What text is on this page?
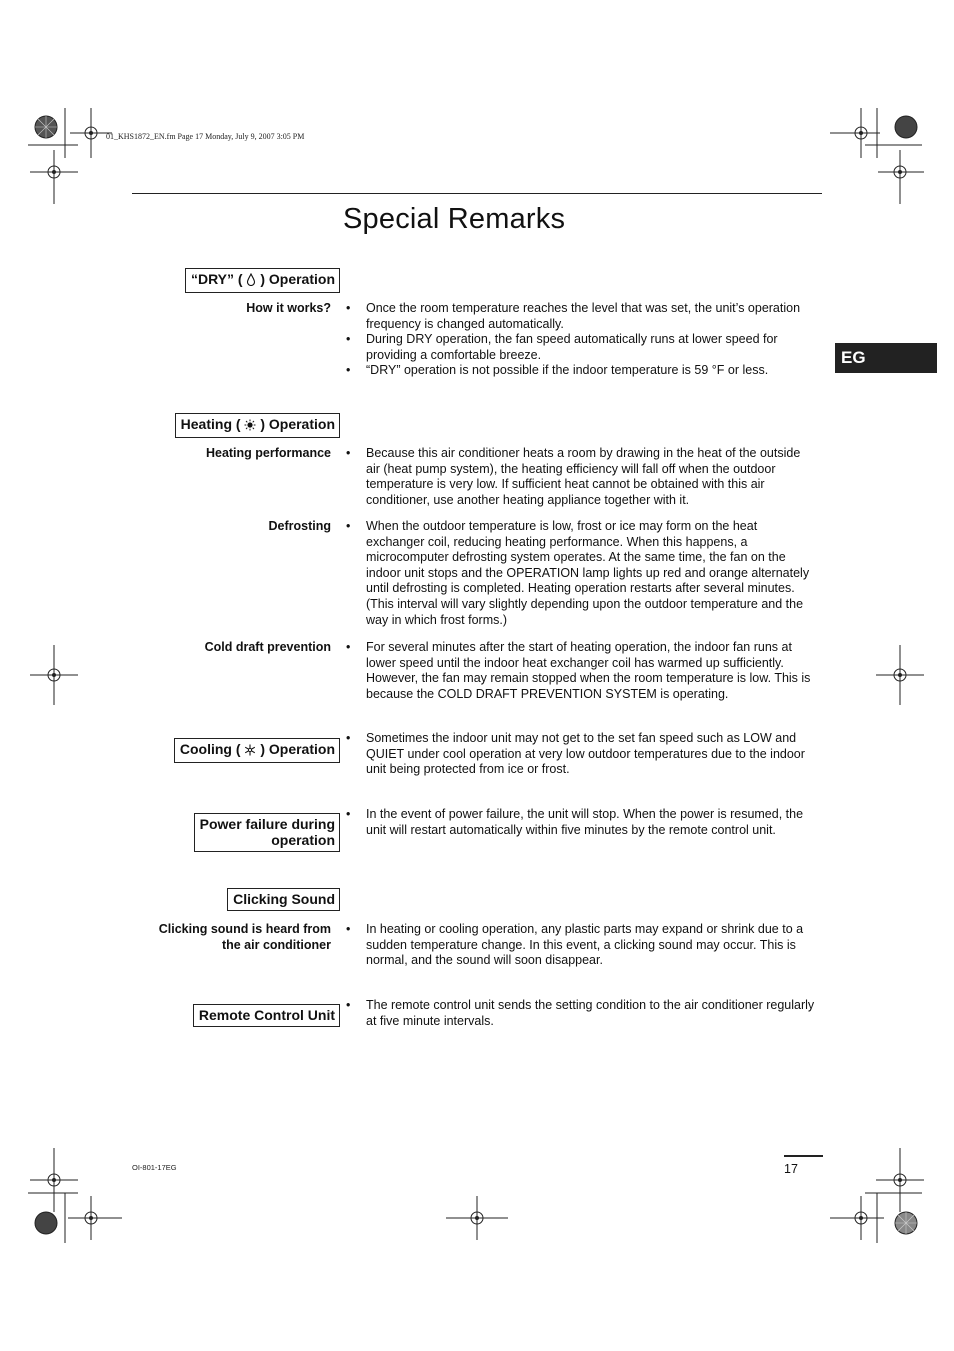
01_KHS1872_EN.fm Page 17 Monday, July 9, 2007 3:05 PM
Special Remarks
EG
“DRY” ( ) Operation
How it works?	• Once the room temperature reaches the level that was set, the unit’s operation frequency is changed automatically.
• During DRY operation, the fan speed automatically runs at lower speed for providing a comfortable breeze.
• “DRY” operation is not possible if the indoor temperature is 59 °F or less.
Heating ( ) Operation
Heating performance	• Because this air conditioner heats a room by drawing in the heat of the outside air (heat pump system), the heating efficiency will fall off when the outdoor temperature is very low. If sufficient heat cannot be obtained with this air conditioner, use another heating appliance together with it.
Defrosting	• When the outdoor temperature is low, frost or ice may form on the heat exchanger coil, reducing heating performance. When this happens, a microcomputer defrosting system operates. At the same time, the fan on the indoor unit stops and the OPERATION lamp lights up red and orange alternately until defrosting is completed. Heating operation restarts after several minutes. (This interval will vary slightly depending upon the outdoor temperature and the way in which frost forms.)
Cold draft prevention	• For several minutes after the start of heating operation, the indoor fan runs at lower speed until the indoor heat exchanger coil has warmed up sufficiently. However, the fan may remain stopped when the room temperature is low. This is because the COLD DRAFT PREVENTION SYSTEM is operating.
Cooling ( ) Operation
• Sometimes the indoor unit may not get to the set fan speed such as LOW and QUIET under cool operation at very low outdoor temperatures due to the indoor unit being protected from ice or frost.
Power failure during
operation
• In the event of power failure, the unit will stop. When the power is resumed, the unit will restart automatically within five minutes by the remote control unit.
Clicking Sound
Clicking sound is heard from
the air conditioner
• In heating or cooling operation, any plastic parts may expand or shrink due to a sudden temperature change. In this event, a clicking sound may occur. This is normal, and the sound will soon disappear.
Remote Control Unit
• The remote control unit sends the setting condition to the air conditioner regularly at five minute intervals.
OI-801-17EG	17
